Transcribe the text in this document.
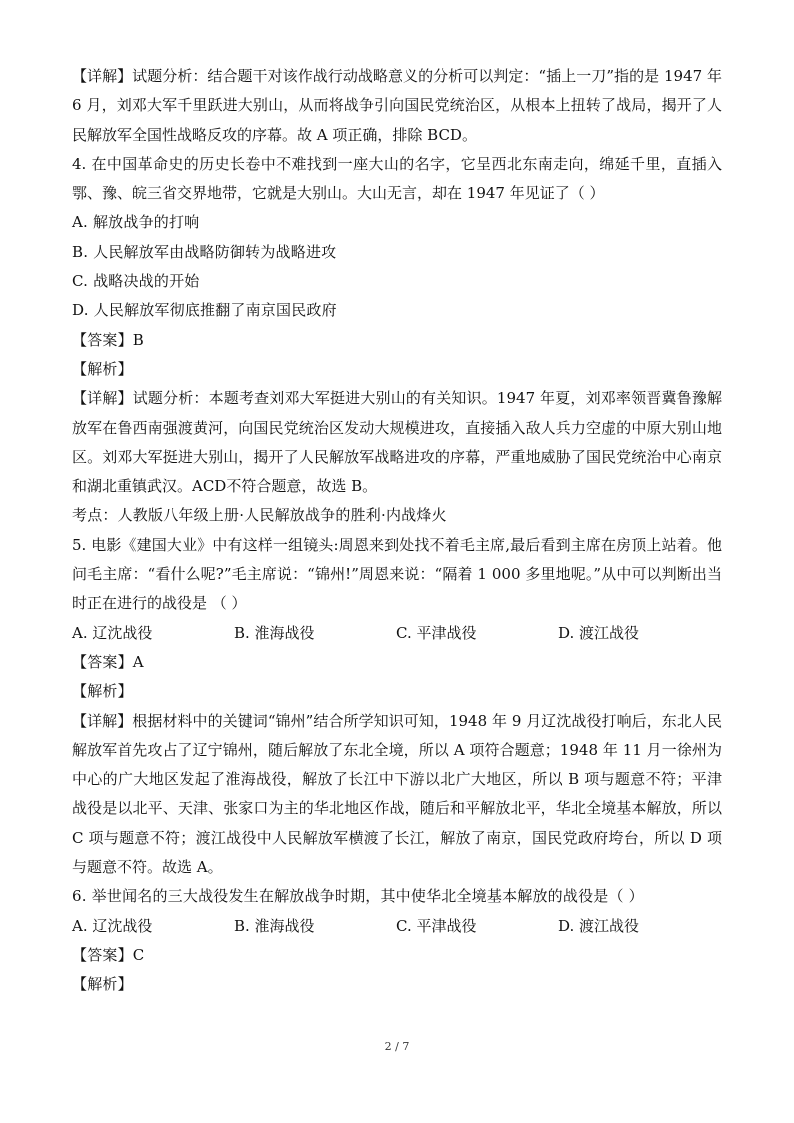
【详解】试题分析：结合题干对该作战行动战略意义的分析可以判定：“插上一刀”指的是 1947 年 6 月，刘邓大军千里跃进大别山，从而将战争引向国民党统治区，从根本上扭转了战局，揭开了人民解放军全国性战略反攻的序幕。故 A 项正确，排除 BCD。
4. 在中国革命史的历史长卷中不难找到一座大山的名字，它呈西北东南走向，绵延千里，直插入鄂、豫、皖三省交界地带，它就是大别山。大山无言，却在 1947 年见证了（ ）
A. 解放战争的打响
B. 人民解放军由战略防御转为战略进攻
C. 战略决战的开始
D. 人民解放军彻底推翻了南京国民政府
【答案】B
【解析】
【详解】试题分析：本题考查刘邓大军挺进大别山的有关知识。1947 年夏，刘邓率领晋冀鲁豫解放军在鲁西南强渡黄河，向国民党统治区发动大规模进攻，直接插入敌人兵力空虚的中原大别山地区。刘邓大军挺进大别山，揭开了人民解放军战略进攻的序幕，严重地威胁了国民党统治中心南京和湖北重镇武汉。ACD不符合题意，故选 B。
考点：人教版八年级上册·人民解放战争的胜利·内战烽火
5. 电影《建国大业》中有这样一组镜头:周恩来到处找不着毛主席,最后看到主席在房顶上站着。他问毛主席：“看什么呢?”毛主席说：“锦州!”周恩来说：“隔着 1 000 多里地呢。”从中可以判断出当时正在进行的战役是 （ ）
A. 辽沈战役	B. 淮海战役	C. 平津战役	D. 渡江战役
【答案】A
【解析】
【详解】根据材料中的关键词“锦州”结合所学知识可知，1948 年 9 月辽沈战役打响后，东北人民解放军首先攻占了辽宁锦州，随后解放了东北全境，所以 A 项符合题意；1948 年 11 月一徐州为中心的广大地区发起了淮海战役，解放了长江中下游以北广大地区，所以 B 项与题意不符；平津战役是以北平、天津、张家口为主的华北地区作战，随后和平解放北平，华北全境基本解放，所以 C 项与题意不符；渡江战役中人民解放军横渡了长江，解放了南京，国民党政府垮台，所以 D 项与题意不符。故选 A。
6. 举世闻名的三大战役发生在解放战争时期，其中使华北全境基本解放的战役是（ ）
A. 辽沈战役	B. 淮海战役	C. 平津战役	D. 渡江战役
【答案】C
【解析】
2 / 7
